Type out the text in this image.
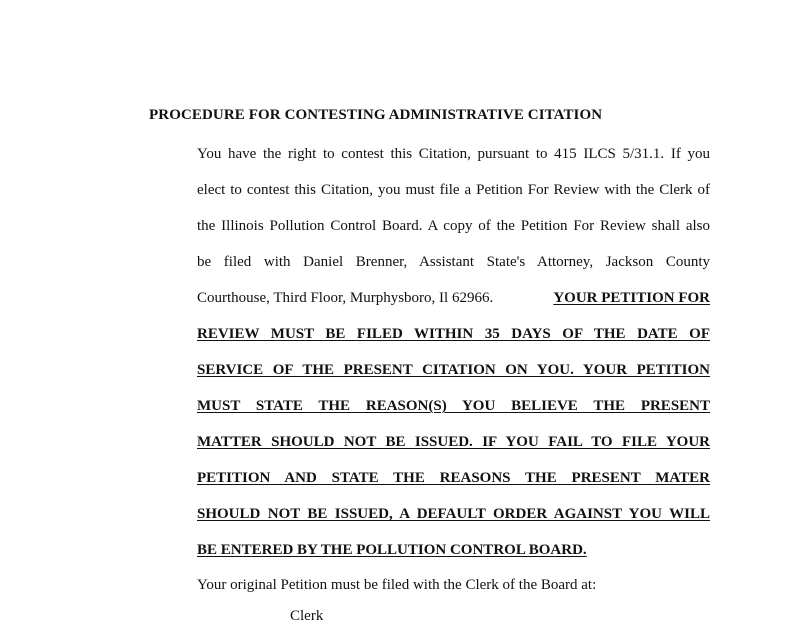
PROCEDURE FOR CONTESTING ADMINISTRATIVE CITATION
You have the right to contest this Citation, pursuant to 415 ILCS 5/31.1. If you
elect to contest this Citation, you must file a Petition For Review with the Clerk of
the Illinois Pollution Control Board. A copy of the Petition For Review shall also
be filed with Daniel Brenner, Assistant State's Attorney, Jackson County
Courthouse, Third Floor, Murphysboro, Il 62966.	YOUR PETITION FOR
REVIEW MUST BE FILED WITHIN 35 DAYS OF THE DATE OF
SERVICE OF THE PRESENT CITATION ON YOU. YOUR PETITION
MUST STATE THE REASON(S) YOU BELIEVE THE PRESENT
MATTER SHOULD NOT BE ISSUED. IF YOU FAIL TO FILE YOUR
PETITION AND STATE THE REASONS THE PRESENT MATER
SHOULD NOT BE ISSUED, A DEFAULT ORDER AGAINST YOU WILL
BE ENTERED BY THE POLLUTION CONTROL BOARD.
Your original Petition must be filed with the Clerk of the Board at:
Clerk
